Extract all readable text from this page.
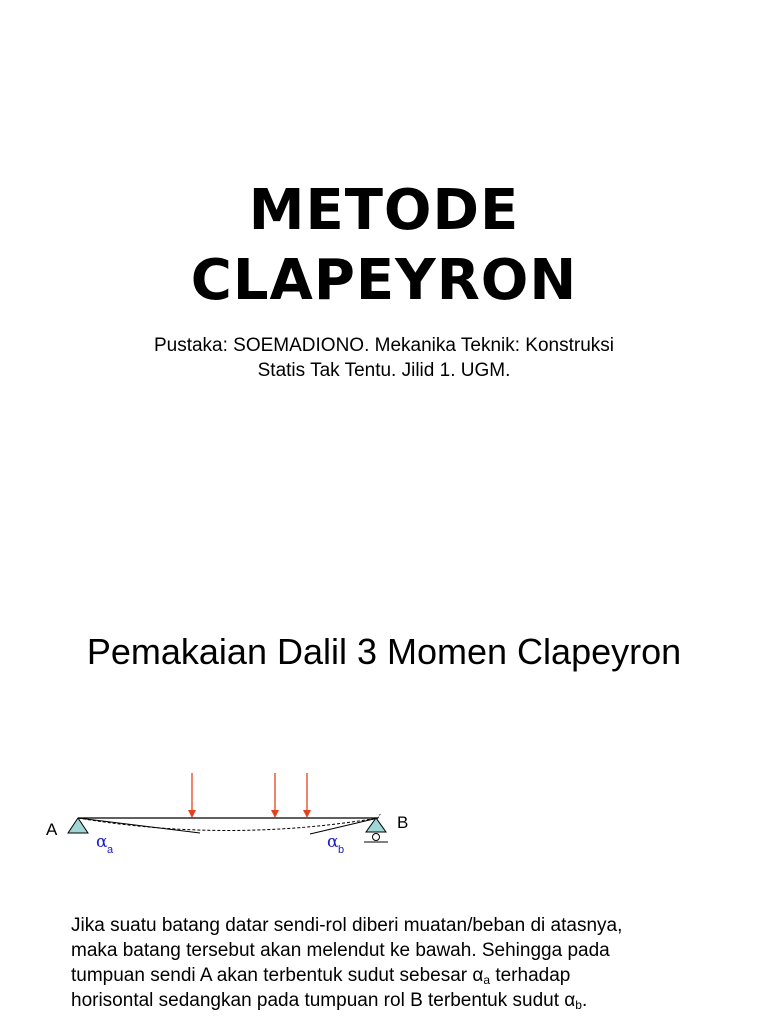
METODE
CLAPEYRON
Pustaka: SOEMADIONO. Mekanika Teknik: Konstruksi
Statis Tak Tentu. Jilid 1. UGM.
Pemakaian Dalil 3 Momen Clapeyron
A	B
α a	α b
Jika suatu batang datar sendi-rol diberi muatan/beban di atasnya,
maka batang tersebut akan melendut ke bawah. Sehingga pada
tumpuan sendi A akan terbentuk sudut sebesar $\alpha_a$ terhadap
horisontal sedangkan pada tumpuan rol B terbentuk sudut $\alpha_b$.
